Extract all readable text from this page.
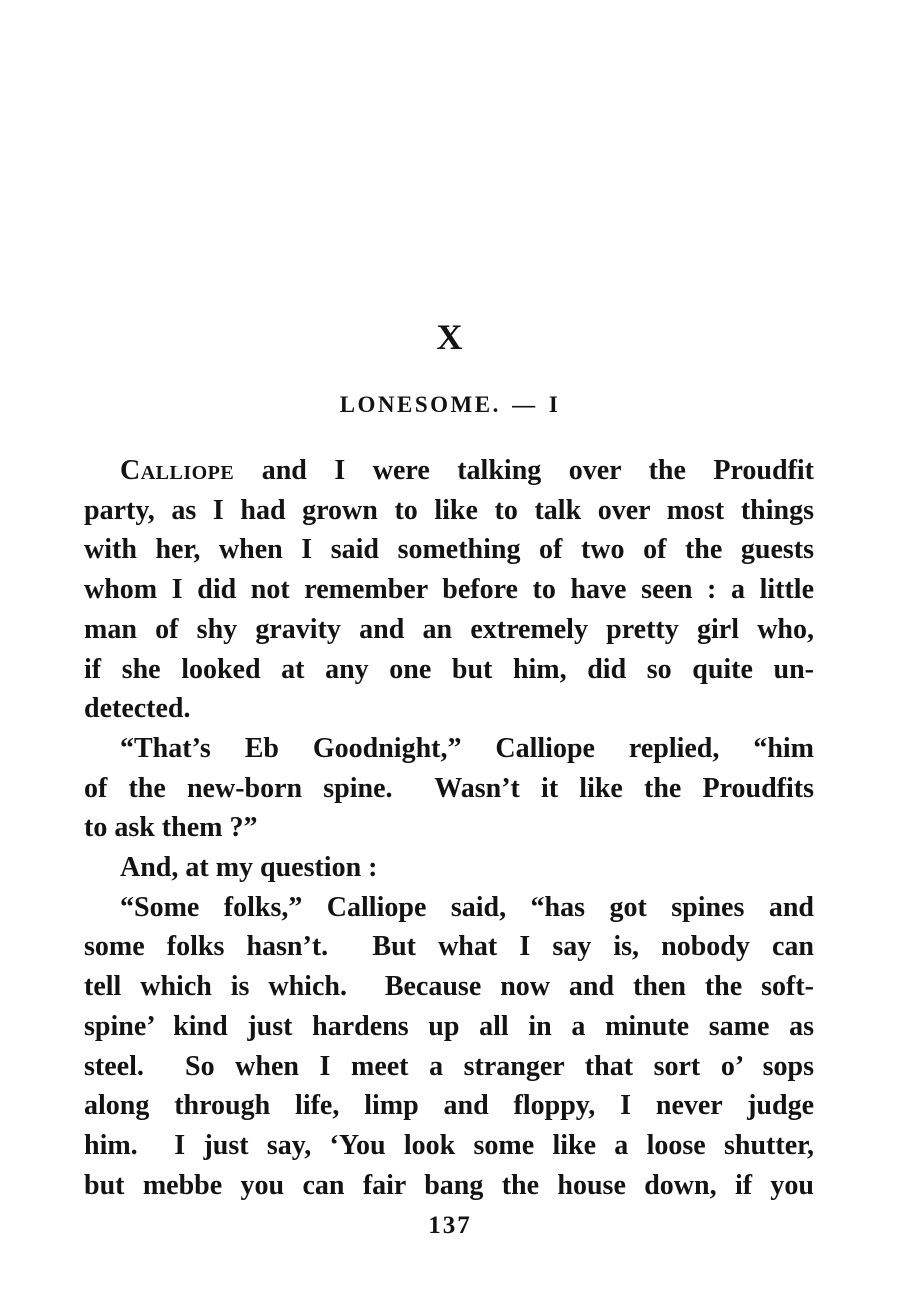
X
LONESOME. — I
Calliope and I were talking over the Proudfit
party, as I had grown to like to talk over most things
with her, when I said something of two of the guests
whom I did not remember before to have seen : a little
man of shy gravity and an extremely pretty girl who,
if she looked at any one but him, did so quite un-
detected.
“That’s Eb Goodnight,” Calliope replied, “him
of the new-born spine.  Wasn’t it like the Proudfits
to ask them ?”
And, at my question :
“Some folks,” Calliope said, “has got spines and
some folks hasn’t.  But what I say is, nobody can
tell which is which.  Because now and then the soft-
spine’ kind just hardens up all in a minute same as
steel.  So when I meet a stranger that sort o’ sops
along through life, limp and floppy, I never judge
him.  I just say, ‘You look some like a loose shutter,
but mebbe you can fair bang the house down, if you
137
